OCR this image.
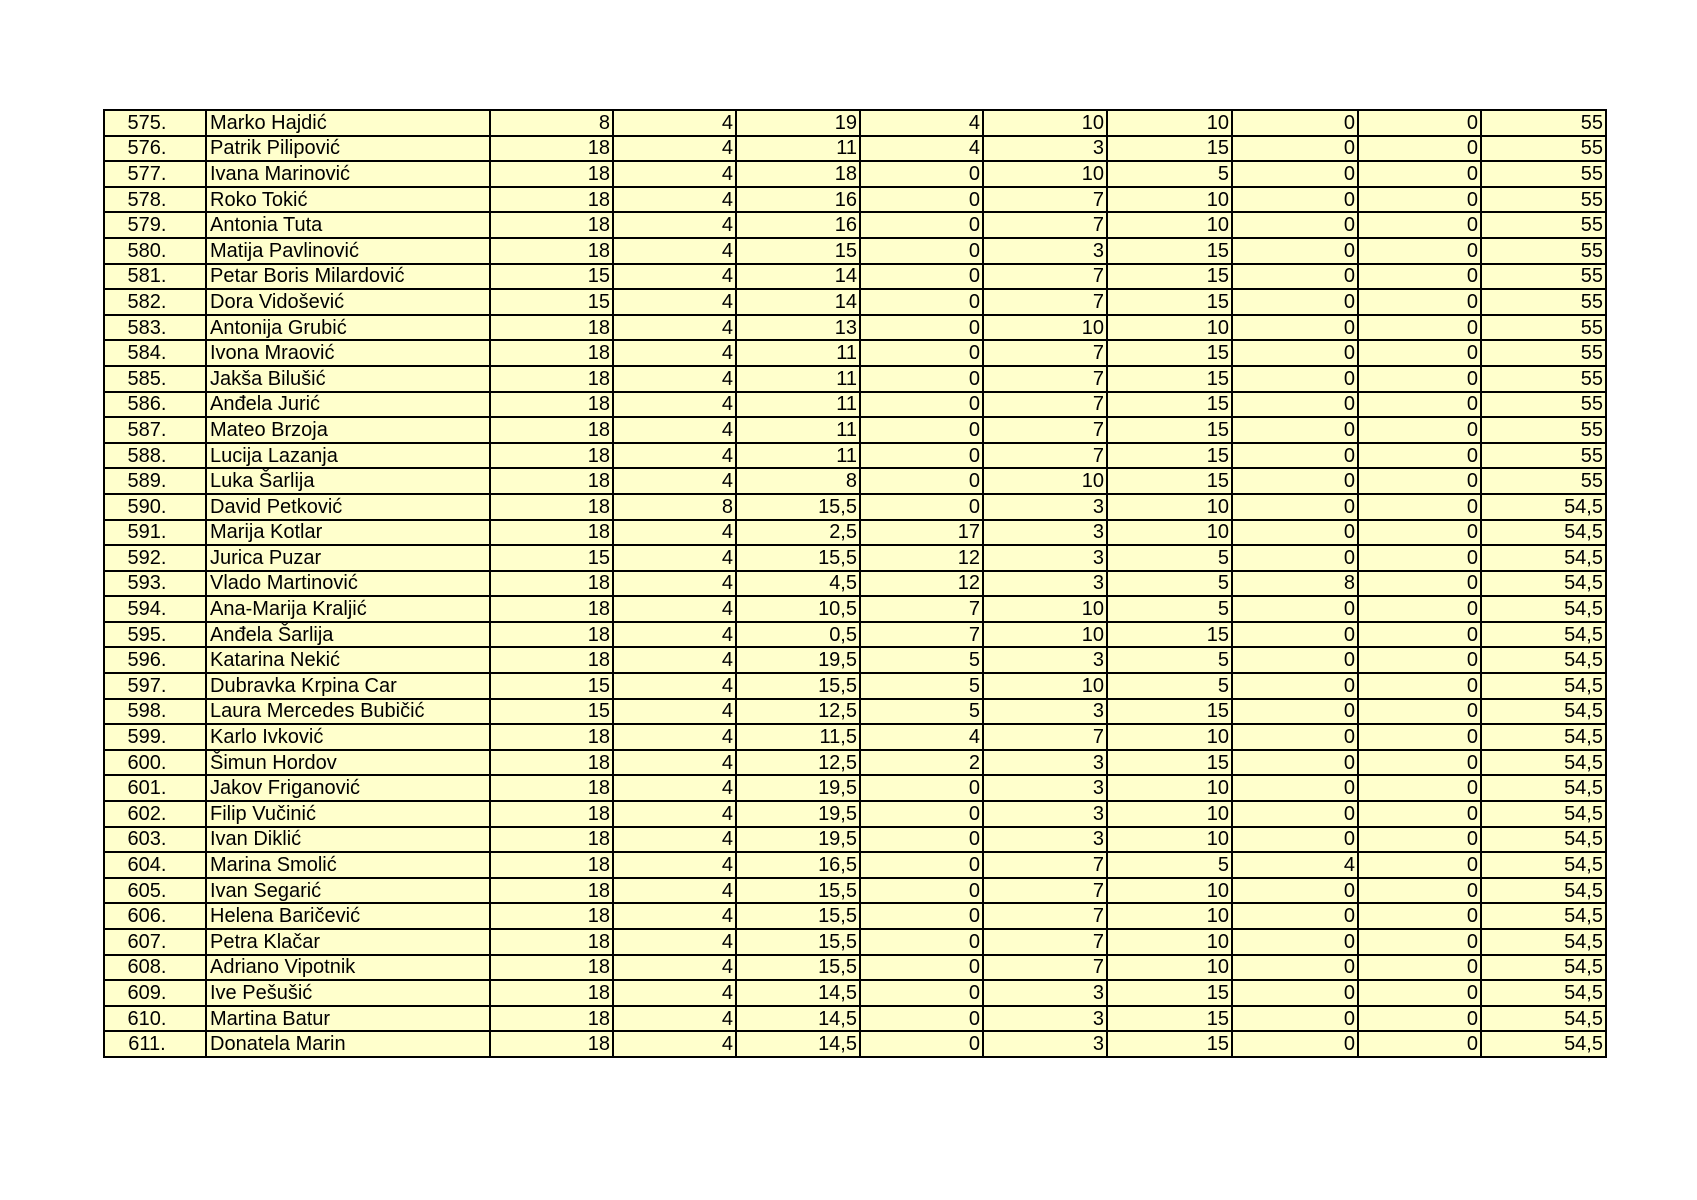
575.	Marko Hajdić	8	4	19	4	10	10	0	0	55
576.	Patrik Pilipović	18	4	11	4	3	15	0	0	55
577.	Ivana Marinović	18	4	18	0	10	5	0	0	55
578.	Roko Tokić	18	4	16	0	7	10	0	0	55
579.	Antonia Tuta	18	4	16	0	7	10	0	0	55
580.	Matija Pavlinović	18	4	15	0	3	15	0	0	55
581.	Petar Boris Milardović	15	4	14	0	7	15	0	0	55
582.	Dora Vidošević	15	4	14	0	7	15	0	0	55
583.	Antonija Grubić	18	4	13	0	10	10	0	0	55
584.	Ivona Mraović	18	4	11	0	7	15	0	0	55
585.	Jakša Bilušić	18	4	11	0	7	15	0	0	55
586.	Anđela Jurić	18	4	11	0	7	15	0	0	55
587.	Mateo Brzoja	18	4	11	0	7	15	0	0	55
588.	Lucija Lazanja	18	4	11	0	7	15	0	0	55
589.	Luka Šarlija	18	4	8	0	10	15	0	0	55
590.	David Petković	18	8	15,5	0	3	10	0	0	54,5
591.	Marija Kotlar	18	4	2,5	17	3	10	0	0	54,5
592.	Jurica Puzar	15	4	15,5	12	3	5	0	0	54,5
593.	Vlado Martinović	18	4	4,5	12	3	5	8	0	54,5
594.	Ana-Marija Kraljić	18	4	10,5	7	10	5	0	0	54,5
595.	Anđela Šarlija	18	4	0,5	7	10	15	0	0	54,5
596.	Katarina Nekić	18	4	19,5	5	3	5	0	0	54,5
597.	Dubravka Krpina Car	15	4	15,5	5	10	5	0	0	54,5
598.	Laura Mercedes Bubičić	15	4	12,5	5	3	15	0	0	54,5
599.	Karlo Ivković	18	4	11,5	4	7	10	0	0	54,5
600.	Šimun Hordov	18	4	12,5	2	3	15	0	0	54,5
601.	Jakov Friganović	18	4	19,5	0	3	10	0	0	54,5
602.	Filip Vučinić	18	4	19,5	0	3	10	0	0	54,5
603.	Ivan Diklić	18	4	19,5	0	3	10	0	0	54,5
604.	Marina Smolić	18	4	16,5	0	7	5	4	0	54,5
605.	Ivan Segarić	18	4	15,5	0	7	10	0	0	54,5
606.	Helena Baričević	18	4	15,5	0	7	10	0	0	54,5
607.	Petra Klačar	18	4	15,5	0	7	10	0	0	54,5
608.	Adriano Vipotnik	18	4	15,5	0	7	10	0	0	54,5
609.	Ive Pešušić	18	4	14,5	0	3	15	0	0	54,5
610.	Martina Batur	18	4	14,5	0	3	15	0	0	54,5
611.	Donatela Marin	18	4	14,5	0	3	15	0	0	54,5
